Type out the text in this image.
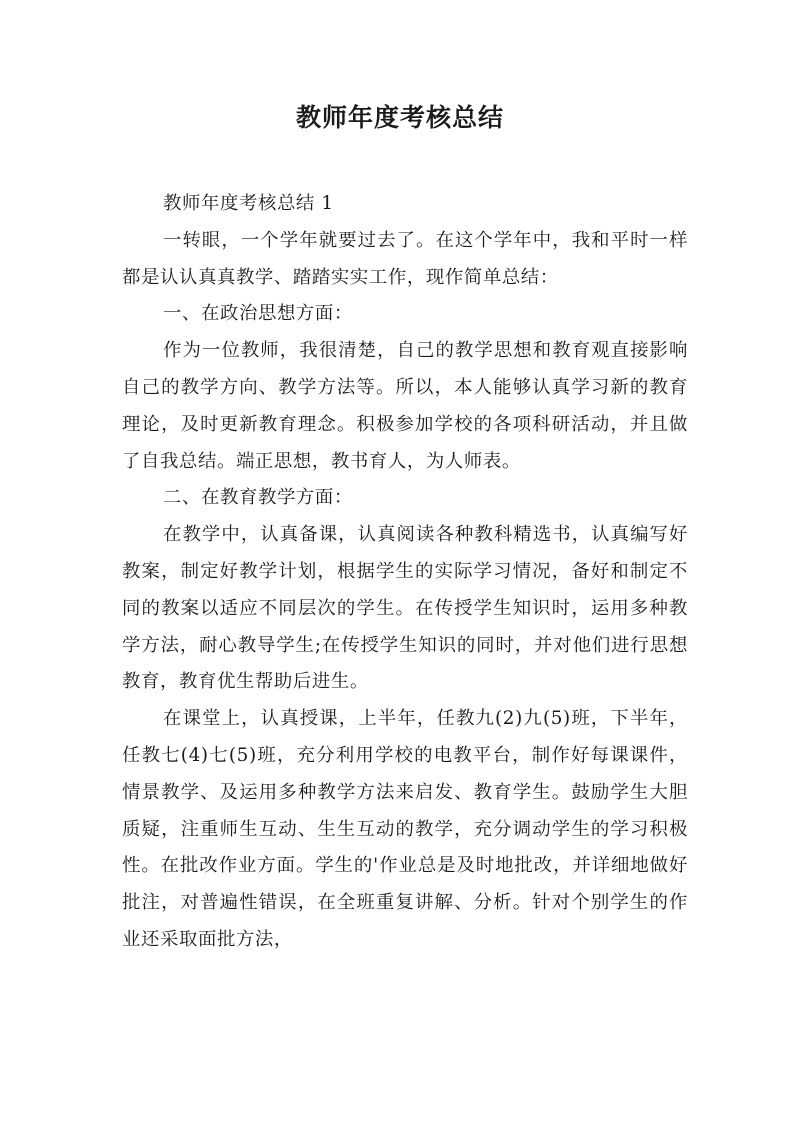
教师年度考核总结

教师年度考核总结 1

一转眼，一个学年就要过去了。在这个学年中，我和平时一样都是认认真真教学、踏踏实实工作，现作简单总结：

一、在政治思想方面：

作为一位教师，我很清楚，自己的教学思想和教育观直接影响自己的教学方向、教学方法等。所以，本人能够认真学习新的教育理论，及时更新教育理念。积极参加学校的各项科研活动，并且做了自我总结。端正思想，教书育人，为人师表。

二、在教育教学方面：

在教学中，认真备课，认真阅读各种教科精选书，认真编写好教案，制定好教学计划，根据学生的实际学习情况，备好和制定不同的教案以适应不同层次的学生。在传授学生知识时，运用多种教学方法，耐心教导学生;在传授学生知识的同时，并对他们进行思想教育，教育优生帮助后进生。

在课堂上，认真授课，上半年，任教九(2)九(5)班，下半年，任教七(4)七(5)班，充分利用学校的电教平台，制作好每课课件，情景教学、及运用多种教学方法来启发、教育学生。鼓励学生大胆质疑，注重师生互动、生生互动的教学，充分调动学生的学习积极性。在批改作业方面。学生的'作业总是及时地批改，并详细地做好批注，对普遍性错误，在全班重复讲解、分析。针对个别学生的作业还采取面批方法，
